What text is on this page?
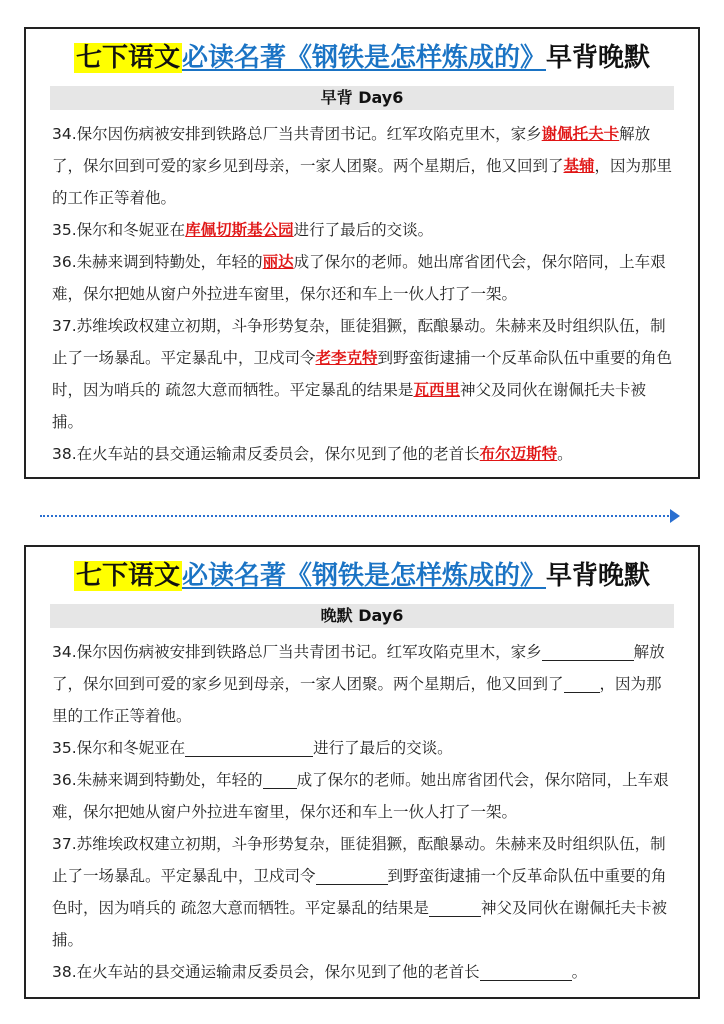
七下语文必读名著《钢铁是怎样炼成的》早背晚默
早背 Day6

34.保尔因伤病被安排到铁路总厂当共青团书记。红军攻陷克里木，家乡谢佩托夫卡解放了，保尔回到可爱的家乡见到母亲，一家人团聚。两个星期后，他又回到了基辅，因为那里的工作正等着他。

35.保尔和冬妮亚在库佩切斯基公园进行了最后的交谈。

36.朱赫来调到特勤处，年轻的丽达成了保尔的老师。她出席省团代会，保尔陪同，上车艰难，保尔把她从窗户外拉进车窗里，保尔还和车上一伙人打了一架。

37.苏维埃政权建立初期，斗争形势复杂，匪徒猖獗，酝酿暴动。朱赫来及时组织队伍，制止了一场暴乱。平定暴乱中，卫戍司令老李克特到野蛮街逮捕一个反革命队伍中重要的角色时，因为哨兵的 疏忽大意而牺牲。平定暴乱的结果是瓦西里神父及同伙在谢佩托夫卡被捕。

38.在火车站的县交通运输肃反委员会，保尔见到了他的老首长布尔迈斯特。

七下语文必读名著《钢铁是怎样炼成的》早背晚默
晚默 Day6

34.保尔因伤病被安排到铁路总厂当共青团书记。红军攻陷克里木，家乡	解放了，保尔回到可爱的家乡见到母亲，一家人团聚。两个星期后，他又回到了 ，因为那里的工作正等着他。

35.保尔和冬妮亚在	进行了最后的交谈。

36.朱赫来调到特勤处，年轻的 成了保尔的老师。她出席省团代会，保尔陪同，上车艰难，保尔把她从窗户外拉进车窗里，保尔还和车上一伙人打了一架。

37.苏维埃政权建立初期，斗争形势复杂，匪徒猖獗，酝酿暴动。朱赫来及时组织队伍，制止了一场暴乱。平定暴乱中，卫戍司令	到野蛮街逮捕一个反革命队伍中重要的角色时，因为哨兵的 疏忽大意而牺牲。平定暴乱的结果是	神父及同伙在谢佩托夫卡被捕。

38.在火车站的县交通运输肃反委员会，保尔见到了他的老首长	。
